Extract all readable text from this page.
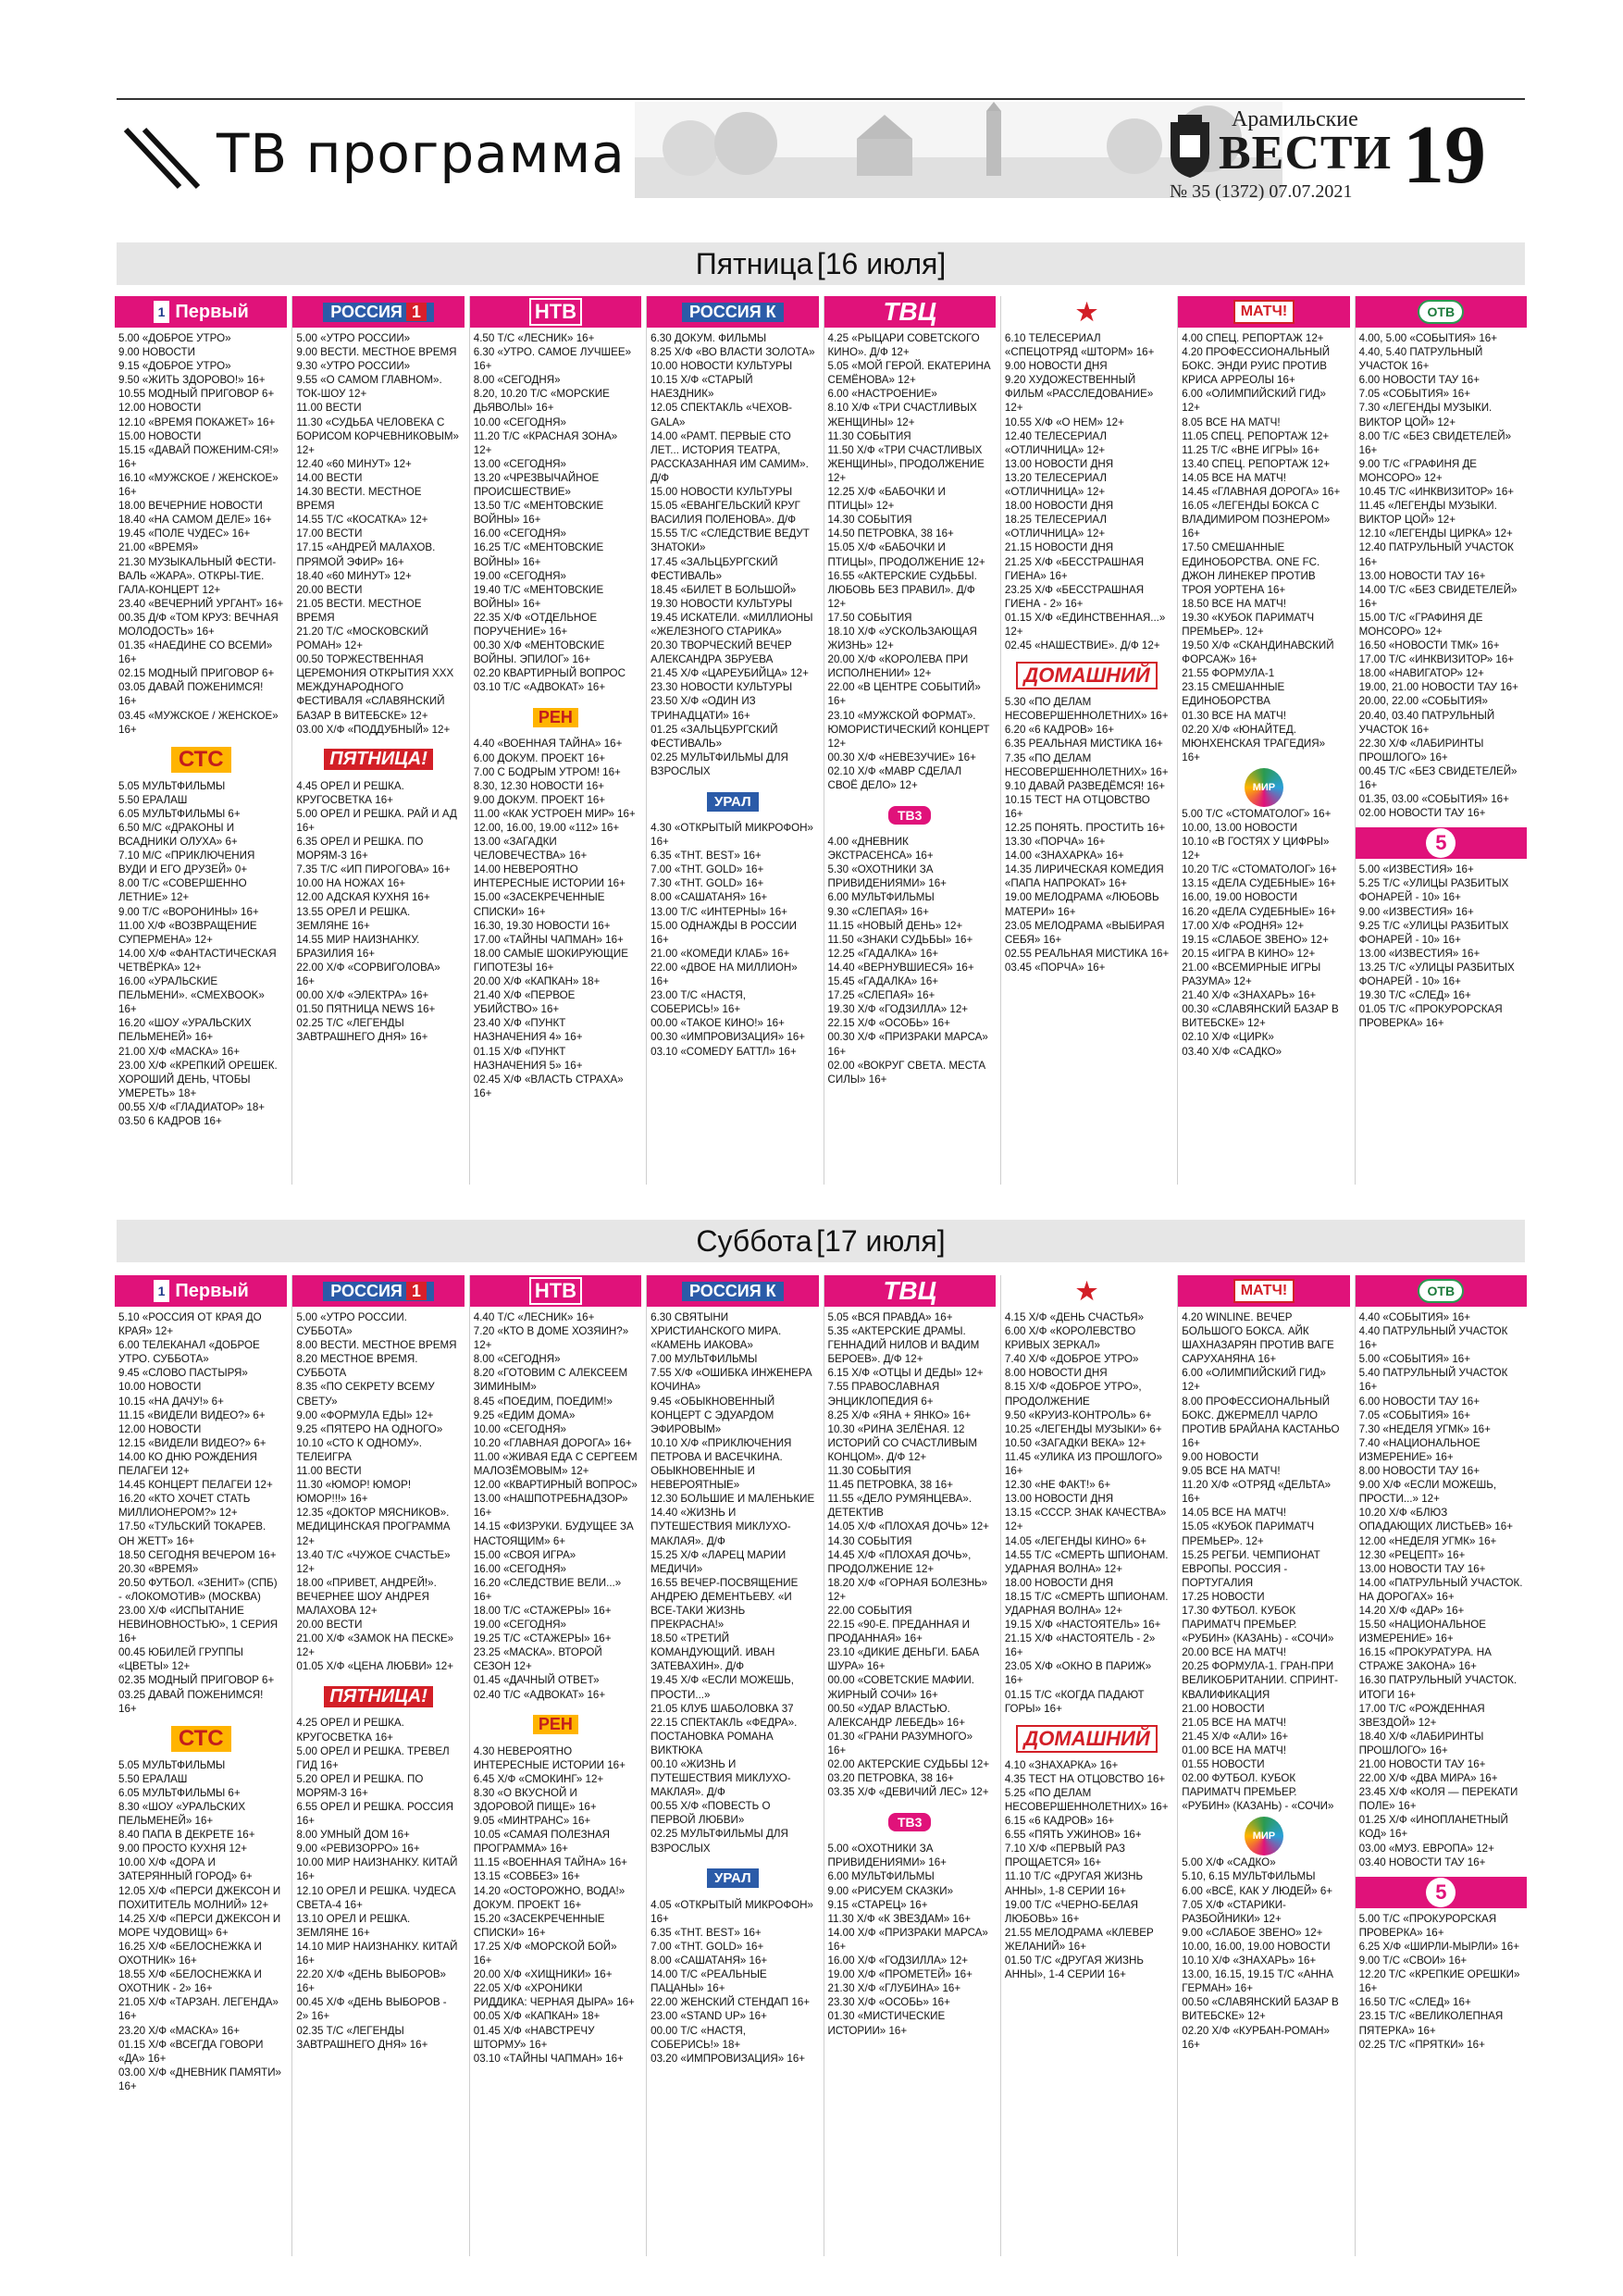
ТВ программа
Арамильские
ВЕСТИ
№ 35 (1372) 07.07.2021 19
Пятница [16 июля]
1 Первый
5.00 «ДОБРОЕ УТРО»
9.00 НОВОСТИ
9.15 «ДОБРОЕ УТРО»
9.50 «ЖИТЬ ЗДОРОВО!» 16+
10.55 МОДНЫЙ ПРИГОВОР 6+
12.00 НОВОСТИ
12.10 «ВРЕМЯ ПОКАЖЕТ» 16+
15.00 НОВОСТИ
15.15 «ДАВАЙ ПОЖЕНИМ-СЯ!» 16+
16.10 «МУЖСКОЕ / ЖЕНСКОЕ» 16+
18.00 ВЕЧЕРНИЕ НОВОСТИ
18.40 «НА САМОМ ДЕЛЕ» 16+
19.45 «ПОЛЕ ЧУДЕС» 16+
21.00 «ВРЕМЯ»
21.30 МУЗЫКАЛЬНЫЙ ФЕСТИ-ВАЛЬ «ЖАРА». ОТКРЫ-ТИЕ. ГАЛА-КОНЦЕРТ 12+
23.40 «ВЕЧЕРНИЙ УРГАНТ» 16+
00.35 Д/Ф «ТОМ КРУЗ: ВЕЧНАЯ МОЛОДОСТЬ» 16+
01.35 «НАЕДИНЕ СО ВСЕМИ» 16+
02.15 МОДНЫЙ ПРИГОВОР 6+
03.05 ДАВАЙ ПОЖЕНИМСЯ! 16+
03.45 «МУЖСКОЕ / ЖЕНСКОЕ» 16+
СТС
5.05 МУЛЬТФИЛЬМЫ
5.50 ЕРАЛАШ
6.05 МУЛЬТФИЛЬМЫ 6+
6.50 М/С «ДРАКОНЫ И ВСАДНИКИ ОЛУХА» 6+
7.10 М/С «ПРИКЛЮЧЕНИЯ ВУДИ И ЕГО ДРУЗЕЙ» 0+
8.00 Т/С «СОВЕРШЕННО ЛЕТНИЕ» 12+
9.00 Т/С «ВОРОНИНЫ» 16+
11.00 Х/Ф «ВОЗВРАЩЕНИЕ СУПЕРМЕНА» 12+
14.00 Х/Ф «ФАНТАСТИЧЕСКАЯ ЧЕТВЁРКА» 12+
16.00 «УРАЛЬСКИЕ ПЕЛЬМЕНИ». «СМЕХBOOK» 16+
16.20 «ШОУ «УРАЛЬСКИХ ПЕЛЬМЕНЕЙ» 16+
21.00 Х/Ф «МАСКА» 16+
23.00 Х/Ф «КРЕПКИЙ ОРЕШЕК. ХОРОШИЙ ДЕНЬ, ЧТОБЫ УМЕРЕТЬ» 18+
00.55 Х/Ф «ГЛАДИАТОР» 18+
03.50 6 КАДРОВ 16+
РОССИЯ 1
5.00 «УТРО РОССИИ»
9.00 ВЕСТИ. МЕСТНОЕ ВРЕМЯ
9.30 «УТРО РОССИИ»
9.55 «О САМОМ ГЛАВНОМ». ТОК-ШОУ 12+
11.00 ВЕСТИ
11.30 «СУДЬБА ЧЕЛОВЕКА С БОРИСОМ КОРЧЕВНИКОВЫМ» 12+
12.40 «60 МИНУТ» 12+
14.00 ВЕСТИ
14.30 ВЕСТИ. МЕСТНОЕ ВРЕМЯ
14.55 Т/С «КОСАТКА» 12+
17.00 ВЕСТИ
17.15 «АНДРЕЙ МАЛАХОВ. ПРЯМОЙ ЭФИР» 16+
18.40 «60 МИНУТ» 12+
20.00 ВЕСТИ
21.05 ВЕСТИ. МЕСТНОЕ ВРЕМЯ
21.20 Т/С «МОСКОВСКИЙ РОМАН» 12+
00.50 ТОРЖЕСТВЕННАЯ ЦЕРЕМОНИЯ ОТКРЫТИЯ XXX МЕЖДУНАРОДНОГО ФЕСТИВАЛЯ «СЛАВЯНСКИЙ БАЗАР В ВИТЕБСКЕ» 12+
03.00 Х/Ф «ПОДДУБНЫЙ» 12+
ПЯТНИЦА!
4.45 ОРЕЛ И РЕШКА. КРУГОСВЕТКА 16+
5.00 ОРЕЛ И РЕШКА. РАЙ И АД 16+
6.35 ОРЕЛ И РЕШКА. ПО МОРЯМ-3 16+
7.35 Т/С «ИП ПИРОГОВА» 16+
10.00 НА НОЖАХ 16+
12.00 АДСКАЯ КУХНЯ 16+
13.55 ОРЕЛ И РЕШКА. ЗЕМЛЯНЕ 16+
14.55 МИР НАИЗНАНКУ. БРАЗИЛИЯ 16+
22.00 Х/Ф «СОРВИГОЛОВА» 16+
00.00 Х/Ф «ЭЛЕКТРА» 16+
01.50 ПЯТНИЦА NEWS 16+
02.25 Т/С «ЛЕГЕНДЫ ЗАВТРАШНЕГО ДНЯ» 16+
НТВ
4.50 Т/С «ЛЕСНИК» 16+
6.30 «УТРО. САМОЕ ЛУЧШЕЕ» 16+
8.00 «СЕГОДНЯ»
8.20, 10.20 Т/С «МОРСКИЕ ДЬЯВОЛЫ» 16+
10.00 «СЕГОДНЯ»
11.20 Т/С «КРАСНАЯ ЗОНА» 12+
13.00 «СЕГОДНЯ»
13.20 «ЧРЕЗВЫЧАЙНОЕ ПРОИСШЕСТВИЕ»
13.50 Т/С «МЕНТОВСКИЕ ВОЙНЫ» 16+
16.00 «СЕГОДНЯ»
16.25 Т/С «МЕНТОВСКИЕ ВОЙНЫ» 16+
19.00 «СЕГОДНЯ»
19.40 Т/С «МЕНТОВСКИЕ ВОЙНЫ» 16+
22.35 Х/Ф «ОТДЕЛЬНОЕ ПОРУЧЕНИЕ» 16+
00.30 Х/Ф «МЕНТОВСКИЕ ВОЙНЫ. ЭПИЛОГ» 16+
02.20 КВАРТИРНЫЙ ВОПРОС
03.10 Т/С «АДВОКАТ» 16+
РЕН
4.40 «ВОЕННАЯ ТАЙНА» 16+
6.00 ДОКУМ. ПРОЕКТ 16+
7.00 С БОДРЫМ УТРОМ! 16+
8.30, 12.30 НОВОСТИ 16+
9.00 ДОКУМ. ПРОЕКТ 16+
11.00 «КАК УСТРОЕН МИР» 16+
12.00, 16.00, 19.00 «112» 16+
13.00 «ЗАГАДКИ ЧЕЛОВЕЧЕСТВА» 16+
14.00 НЕВЕРОЯТНО ИНТЕРЕСНЫЕ ИСТОРИИ 16+
15.00 «ЗАСЕКРЕЧЕННЫЕ СПИСКИ» 16+
16.30, 19.30 НОВОСТИ 16+
17.00 «ТАЙНЫ ЧАПМАН» 16+
18.00 САМЫЕ ШОКИРУЮЩИЕ ГИПОТЕЗЫ 16+
20.00 Х/Ф «КАПКАН» 18+
21.40 Х/Ф «ПЕРВОЕ УБИЙСТВО» 16+
23.40 Х/Ф «ПУНКТ НАЗНАЧЕНИЯ 4» 16+
01.15 Х/Ф «ПУНКТ НАЗНАЧЕНИЯ 5» 16+
02.45 Х/Ф «ВЛАСТЬ СТРАХА» 16+
РОССИЯ К
6.30 ДОКУМ. ФИЛЬМЫ
8.25 Х/Ф «ВО ВЛАСТИ ЗОЛОТА»
10.00 НОВОСТИ КУЛЬТУРЫ
10.15 Х/Ф «СТАРЫЙ НАЕЗДНИК»
12.05 СПЕКТАКЛЬ «ЧЕХОВ-GALA»
14.00 «РАМТ. ПЕРВЫЕ СТО ЛЕТ... ИСТОРИЯ ТЕАТРА, РАССКАЗАННАЯ ИМ САМИМ». Д/Ф
15.00 НОВОСТИ КУЛЬТУРЫ
15.05 «ЕВАНГЕЛЬСКИЙ КРУГ ВАСИЛИЯ ПОЛЕНОВА». Д/Ф
15.55 Т/С «СЛЕДСТВИЕ ВЕДУТ ЗНАТОКИ»
17.45 «ЗАЛЬЦБУРГСКИЙ ФЕСТИВАЛЬ»
18.45 «БИЛЕТ В БОЛЬШОЙ»
19.30 НОВОСТИ КУЛЬТУРЫ
19.45 ИСКАТЕЛИ. «МИЛЛИОНЫ «ЖЕЛЕЗНОГО СТАРИКА»
20.30 ТВОРЧЕСКИЙ ВЕЧЕР АЛЕКСАНДРА ЗБРУЕВА
21.45 Х/Ф «ЦАРЕУБИЙЦА» 12+
23.30 НОВОСТИ КУЛЬТУРЫ
23.50 Х/Ф «ОДИН ИЗ ТРИНАДЦАТИ» 16+
01.25 «ЗАЛЬЦБУРГСКИЙ ФЕСТИВАЛЬ»
02.25 МУЛЬТФИЛЬМЫ ДЛЯ ВЗРОСЛЫХ
УРАЛ
4.30 «ОТКРЫТЫЙ МИКРОФОН» 16+
6.35 «THT. BEST» 16+
7.00 «THT. GOLD» 16+
7.30 «THT. GOLD» 16+
8.00 «САШАТАНЯ» 16+
13.00 Т/С «ИНТЕРНЫ» 16+
15.00 ОДНАЖДЫ В РОССИИ 16+
21.00 «КОМЕДИ КЛАБ» 16+
22.00 «ДВОЕ НА МИЛЛИОН» 16+
23.00 Т/С «НАСТЯ, СОБЕРИСЬ!» 16+
00.00 «ТАКОЕ КИНО!» 16+
00.30 «ИМПРОВИЗАЦИЯ» 16+
03.10 «COMEDY БАТТЛ» 16+
ТВЦ
4.25 «РЫЦАРИ СОВЕТСКОГО КИНО». Д/Ф 12+
5.05 «МОЙ ГЕРОЙ. ЕКАТЕРИНА СЕМЁНОВА» 12+
6.00 «НАСТРОЕНИЕ»
8.10 Х/Ф «ТРИ СЧАСТЛИВЫХ ЖЕНЩИНЫ» 12+
11.30 СОБЫТИЯ
11.50 Х/Ф «ТРИ СЧАСТЛИВЫХ ЖЕНЩИНЫ», ПРОДОЛЖЕНИЕ 12+
12.25 Х/Ф «БАБОЧКИ И ПТИЦЫ» 12+
14.30 СОБЫТИЯ
14.50 ПЕТРОВКА, 38 16+
15.05 Х/Ф «БАБОЧКИ И ПТИЦЫ», ПРОДОЛЖЕНИЕ 12+
16.55 «АКТЕРСКИЕ СУДЬБЫ. ЛЮБОВЬ БЕЗ ПРАВИЛ». Д/Ф 12+
17.50 СОБЫТИЯ
18.10 Х/Ф «УСКОЛЬЗАЮЩАЯ ЖИЗНЬ» 12+
20.00 Х/Ф «КОРОЛЕВА ПРИ ИСПОЛНЕНИИ» 12+
22.00 «В ЦЕНТРЕ СОБЫТИЙ» 16+
23.10 «МУЖСКОЙ ФОРМАТ». ЮМОРИСТИЧЕСКИЙ КОНЦЕРТ 12+
00.30 Х/Ф «НЕВЕЗУЧИЕ» 16+
02.10 Х/Ф «МАВР СДЕЛАЛ СВОЁ ДЕЛО» 12+
ТВ3
4.00 «ДНЕВНИК ЭКСТРАСЕНСА» 16+
5.30 «ОХОТНИКИ ЗА ПРИВИДЕНИЯМИ» 16+
6.00 МУЛЬТФИЛЬМЫ
9.30 «СЛЕПАЯ» 16+
11.15 «НОВЫЙ ДЕНЬ» 12+
11.50 «ЗНАКИ СУДЬБЫ» 16+
12.25 «ГАДАЛКА» 16+
14.40 «ВЕРНУВШИЕСЯ» 16+
15.45 «ГАДАЛКА» 16+
17.25 «СЛЕПАЯ» 16+
19.30 Х/Ф «ГОДЗИЛЛА» 12+
22.15 Х/Ф «ОСОБЬ» 16+
00.30 Х/Ф «ПРИЗРАКИ МАРСА» 16+
02.00 «ВОКРУГ СВЕТА. МЕСТА СИЛЫ» 16+
★
6.10 ТЕЛЕСЕРИАЛ «СПЕЦОТРЯД «ШТОРМ» 16+
9.00 НОВОСТИ ДНЯ
9.20 ХУДОЖЕСТВЕННЫЙ ФИЛЬМ «РАССЛЕДОВАНИЕ» 12+
10.55 Х/Ф «О НЕМ» 12+
12.40 ТЕЛЕСЕРИАЛ «ОТЛИЧНИЦА» 12+
13.00 НОВОСТИ ДНЯ
13.20 ТЕЛЕСЕРИАЛ «ОТЛИЧНИЦА» 12+
18.00 НОВОСТИ ДНЯ
18.25 ТЕЛЕСЕРИАЛ «ОТЛИЧНИЦА» 12+
21.15 НОВОСТИ ДНЯ
21.25 Х/Ф «БЕССТРАШНАЯ ГИЕНА» 16+
23.25 Х/Ф «БЕССТРАШНАЯ ГИЕНА - 2» 16+
01.15 Х/Ф «ЕДИНСТВЕННАЯ...» 12+
02.45 «НАШЕСТВИЕ». Д/Ф 12+
ДОМАШНИЙ
5.30 «ПО ДЕЛАМ НЕСОВЕРШЕННОЛЕТНИХ» 16+
6.20 «6 КАДРОВ» 16+
6.35 РЕАЛЬНАЯ МИСТИКА 16+
7.35 «ПО ДЕЛАМ НЕСОВЕРШЕННОЛЕТНИХ» 16+
9.10 ДАВАЙ РАЗВЕДЁМСЯ! 16+
10.15 ТЕСТ НА ОТЦОВСТВО 16+
12.25 ПОНЯТЬ. ПРОСТИТЬ 16+
13.30 «ПОРЧА» 16+
14.00 «ЗНАХАРКА» 16+
14.35 ЛИРИЧЕСКАЯ КОМЕДИЯ «ПАПА НАПРОКАТ» 16+
19.00 МЕЛОДРАМА «ЛЮБОВЬ МАТЕРИ» 16+
23.05 МЕЛОДРАМА «ВЫБИРАЯ СЕБЯ» 16+
02.55 РЕАЛЬНАЯ МИСТИКА 16+
03.45 «ПОРЧА» 16+
МАТЧ!
4.00 СПЕЦ. РЕПОРТАЖ 12+
4.20 ПРОФЕССИОНАЛЬНЫЙ БОКС. ЭНДИ РУИС ПРОТИВ КРИСА АРРЕОЛЫ 16+
6.00 «ОЛИМПИЙСКИЙ ГИД» 12+
8.05 ВСЕ НА МАТЧ!
11.05 СПЕЦ. РЕПОРТАЖ 12+
11.25 Т/С «ВНЕ ИГРЫ» 16+
13.40 СПЕЦ. РЕПОРТАЖ 12+
14.05 ВСЕ НА МАТЧ!
14.45 «ГЛАВНАЯ ДОРОГА» 16+
16.05 «ЛЕГЕНДЫ БОКСА С ВЛАДИМИРОМ ПОЗНЕРОМ» 16+
17.50 СМЕШАННЫЕ ЕДИНОБОРСТВА. ONE FC. ДЖОН ЛИНЕКЕР ПРОТИВ ТРОЯ УОРТЕНА 16+
18.50 ВСЕ НА МАТЧ!
19.30 «КУБОК ПАРИМАТЧ ПРЕМЬЕР». 12+
19.50 Х/Ф «СКАНДИНАВСКИЙ ФОРСАЖ» 16+
21.55 ФОРМУЛА-1
23.15 СМЕШАННЫЕ ЕДИНОБОРСТВА
01.30 ВСЕ НА МАТЧ!
02.20 Х/Ф «ЮНАЙТЕД. МЮНХЕНСКАЯ ТРАГЕДИЯ» 16+
МИР
5.00 Т/С «СТОМАТОЛОГ» 16+
10.00, 13.00 НОВОСТИ
10.10 «В ГОСТЯХ У ЦИФРЫ» 12+
10.20 Т/С «СТОМАТОЛОГ» 16+
13.15 «ДЕЛА СУДЕБНЫЕ» 16+
16.00, 19.00 НОВОСТИ
16.20 «ДЕЛА СУДЕБНЫЕ» 16+
17.00 Х/Ф «РОДНЯ» 12+
19.15 «СЛАБОЕ ЗВЕНО» 12+
20.15 «ИГРА В КИНО» 12+
21.00 «ВСЕМИРНЫЕ ИГРЫ РАЗУМА» 12+
21.40 Х/Ф «ЗНАХАРЬ» 16+
00.30 «СЛАВЯНСКИЙ БАЗАР В ВИТЕБСКЕ» 12+
02.10 Х/Ф «ЦИРК»
03.40 Х/Ф «САДКО»
ОТВ
4.00, 5.00 «СОБЫТИЯ» 16+
4.40, 5.40 ПАТРУЛЬНЫЙ УЧАСТОК 16+
6.00 НОВОСТИ ТАУ 16+
7.05 «СОБЫТИЯ» 16+
7.30 «ЛЕГЕНДЫ МУЗЫКИ. ВИКТОР ЦОЙ» 12+
8.00 Т/С «БЕЗ СВИДЕТЕЛЕЙ» 16+
9.00 Т/С «ГРАФИНЯ ДЕ МОНСОРО» 12+
10.45 Т/С «ИНКВИЗИТОР» 16+
11.45 «ЛЕГЕНДЫ МУЗЫКИ. ВИКТОР ЦОЙ» 12+
12.10 «ЛЕГЕНДЫ ЦИРКА» 12+
12.40 ПАТРУЛЬНЫЙ УЧАСТОК 16+
13.00 НОВОСТИ ТАУ 16+
14.00 Т/С «БЕЗ СВИДЕТЕЛЕЙ» 16+
15.00 Т/С «ГРАФИНЯ ДЕ МОНСОРО» 12+
16.50 «НОВОСТИ ТМК» 16+
17.00 Т/С «ИНКВИЗИТОР» 16+
18.00 «НАВИГАТОР» 12+
19.00, 21.00 НОВОСТИ ТАУ 16+
20.00, 22.00 «СОБЫТИЯ»
20.40, 03.40 ПАТРУЛЬНЫЙ УЧАСТОК 16+
22.30 Х/Ф «ЛАБИРИНТЫ ПРОШЛОГО» 16+
00.45 Т/С «БЕЗ СВИДЕТЕЛЕЙ» 16+
01.35, 03.00 «СОБЫТИЯ» 16+
02.00 НОВОСТИ ТАУ 16+
5
5.00 «ИЗВЕСТИЯ» 16+
5.25 Т/С «УЛИЦЫ РАЗБИТЫХ ФОНАРЕЙ - 10» 16+
9.00 «ИЗВЕСТИЯ» 16+
9.25 Т/С «УЛИЦЫ РАЗБИТЫХ ФОНАРЕЙ - 10» 16+
13.00 «ИЗВЕСТИЯ» 16+
13.25 Т/С «УЛИЦЫ РАЗБИТЫХ ФОНАРЕЙ - 10» 16+
19.30 Т/С «СЛЕД» 16+
01.05 Т/С «ПРОКУРОРСКАЯ ПРОВЕРКА» 16+
Суббота [17 июля]
1 Первый
5.10 «РОССИЯ ОТ КРАЯ ДО КРАЯ» 12+
6.00 ТЕЛЕКАНАЛ «ДОБРОЕ УТРО. СУББОТА»
9.45 «СЛОВО ПАСТЫРЯ»
10.00 НОВОСТИ
10.15 «НА ДАЧУ!» 6+
11.15 «ВИДЕЛИ ВИДЕО?» 6+
12.00 НОВОСТИ
12.15 «ВИДЕЛИ ВИДЕО?» 6+
14.00 КО ДНЮ РОЖДЕНИЯ ПЕЛАГЕИ 12+
14.45 КОНЦЕРТ ПЕЛАГЕИ 12+
16.20 «КТО ХОЧЕТ СТАТЬ МИЛЛИОНЕРОМ?» 12+
17.50 «ТУЛЬСКИЙ ТОКАРЕВ. ОН ЖЕТТ» 16+
18.50 СЕГОДНЯ ВЕЧЕРОМ 16+
20.30 «ВРЕМЯ»
20.50 ФУТБОЛ. «ЗЕНИТ» (СПБ) - «ЛОКОМОТИВ» (МОСКВА)
23.00 Х/Ф «ИСПЫТАНИЕ НЕВИНОВНОСТЬЮ», 1 СЕРИЯ 16+
00.45 ЮБИЛЕЙ ГРУППЫ «ЦВЕТЫ» 12+
02.35 МОДНЫЙ ПРИГОВОР 6+
03.25 ДАВАЙ ПОЖЕНИМСЯ! 16+
СТС
5.05 МУЛЬТФИЛЬМЫ
5.50 ЕРАЛАШ
6.05 МУЛЬТФИЛЬМЫ 6+
8.30 «ШОУ «УРАЛЬСКИХ ПЕЛЬМЕНЕЙ» 16+
8.40 ПАПА В ДЕКРЕТЕ 16+
9.00 ПРОСТО КУХНЯ 12+
10.00 Х/Ф «ДОРА И ЗАТЕРЯННЫЙ ГОРОД» 6+
12.05 Х/Ф «ПЕРСИ ДЖЕКСОН И ПОХИТИТЕЛЬ МОЛНИЙ» 12+
14.25 Х/Ф «ПЕРСИ ДЖЕКСОН И МОРЕ ЧУДОВИЩ» 6+
16.25 Х/Ф «БЕЛОСНЕЖКА И ОХОТНИК» 16+
18.55 Х/Ф «БЕЛОСНЕЖКА И ОХОТНИК - 2» 16+
21.05 Х/Ф «ТАРЗАН. ЛЕГЕНДА» 16+
23.20 Х/Ф «МАСКА» 16+
01.15 Х/Ф «ВСЕГДА ГОВОРИ «ДА» 16+
03.00 Х/Ф «ДНЕВНИК ПАМЯТИ» 16+
РОССИЯ 1
5.00 «УТРО РОССИИ. СУББОТА»
8.00 ВЕСТИ. МЕСТНОЕ ВРЕМЯ
8.20 МЕСТНОЕ ВРЕМЯ. СУББОТА
8.35 «ПО СЕКРЕТУ ВСЕМУ СВЕТУ»
9.00 «ФОРМУЛА ЕДЫ» 12+
9.25 «ПЯТЕРО НА ОДНОГО»
10.10 «СТО К ОДНОМУ». ТЕЛЕИГРА
11.00 ВЕСТИ
11.30 «ЮМОР! ЮМОР! ЮМОР!!!» 16+
12.35 «ДОКТОР МЯСНИКОВ». МЕДИЦИНСКАЯ ПРОГРАММА 12+
13.40 Т/С «ЧУЖОЕ СЧАСТЬЕ» 12+
18.00 «ПРИВЕТ, АНДРЕЙ!». ВЕЧЕРНЕЕ ШОУ АНДРЕЯ МАЛАХОВА 12+
20.00 ВЕСТИ
21.00 Х/Ф «ЗАМОК НА ПЕСКЕ» 12+
01.05 Х/Ф «ЦЕНА ЛЮБВИ» 12+
ПЯТНИЦА!
4.25 ОРЕЛ И РЕШКА. КРУГОСВЕТКА 16+
5.00 ОРЕЛ И РЕШКА. ТРЕВЕЛ ГИД 16+
5.20 ОРЕЛ И РЕШКА. ПО МОРЯМ-3 16+
6.55 ОРЕЛ И РЕШКА. РОССИЯ 16+
8.00 УМНЫЙ ДОМ 16+
9.00 «РЕВИЗОРРО» 16+
10.00 МИР НАИЗНАНКУ. КИТАЙ 16+
12.10 ОРЕЛ И РЕШКА. ЧУДЕСА СВЕТА-4 16+
13.10 ОРЕЛ И РЕШКА. ЗЕМЛЯНЕ 16+
14.10 МИР НАИЗНАНКУ. КИТАЙ 16+
22.20 Х/Ф «ДЕНЬ ВЫБОРОВ» 16+
00.45 Х/Ф «ДЕНЬ ВЫБОРОВ - 2» 16+
02.35 Т/С «ЛЕГЕНДЫ ЗАВТРАШНЕГО ДНЯ» 16+
НТВ
4.40 Т/С «ЛЕСНИК» 16+
7.20 «КТО В ДОМЕ ХОЗЯИН?» 12+
8.00 «СЕГОДНЯ»
8.20 «ГОТОВИМ С АЛЕКСЕЕМ ЗИМИНЫМ»
8.45 «ПОЕДИМ, ПОЕДИМ!»
9.25 «ЕДИМ ДОМА»
10.00 «СЕГОДНЯ»
10.20 «ГЛАВНАЯ ДОРОГА» 16+
11.00 «ЖИВАЯ ЕДА С СЕРГЕЕМ МАЛОЗЁМОВЫМ» 12+
12.00 «КВАРТИРНЫЙ ВОПРОС»
13.00 «НАШПОТРЕБНАДЗОР» 16+
14.15 «ФИЗРУКИ. БУДУЩЕЕ ЗА НАСТОЯЩИМ» 6+
15.00 «СВОЯ ИГРА»
16.00 «СЕГОДНЯ»
16.20 «СЛЕДСТВИЕ ВЕЛИ...» 16+
18.00 Т/С «СТАЖЕРЫ» 16+
19.00 «СЕГОДНЯ»
19.25 Т/С «СТАЖЕРЫ» 16+
23.25 «МАСКА». ВТОРОЙ СЕЗОН 12+
01.45 «ДАЧНЫЙ ОТВЕТ»
02.40 Т/С «АДВОКАТ» 16+
РЕН
4.30 НЕВЕРОЯТНО ИНТЕРЕСНЫЕ ИСТОРИИ 16+
6.45 Х/Ф «СМОКИНГ» 12+
8.30 «О ВКУСНОЙ И ЗДОРОВОЙ ПИЩЕ» 16+
9.05 «МИНТРАНС» 16+
10.05 «САМАЯ ПОЛЕЗНАЯ ПРОГРАММА» 16+
11.15 «ВОЕННАЯ ТАЙНА» 16+
13.15 «СОВБЕЗ» 16+
14.20 «ОСТОРОЖНО, ВОДА!» ДОКУМ. ПРОЕКТ 16+
15.20 «ЗАСЕКРЕЧЕННЫЕ СПИСКИ» 16+
17.25 Х/Ф «МОРСКОЙ БОЙ» 16+
20.00 Х/Ф «ХИЩНИКИ» 16+
22.05 Х/Ф «ХРОНИКИ РИДДИКА: ЧЕРНАЯ ДЫРА» 16+
00.05 Х/Ф «КАПКАН» 18+
01.45 Х/Ф «НАВСТРЕЧУ ШТОРМУ» 16+
03.10 «ТАЙНЫ ЧАПМАН» 16+
РОССИЯ К
6.30 СВЯТЫНИ ХРИСТИАНСКОГО МИРА. «КАМЕНЬ ИАКОВА»
7.00 МУЛЬТФИЛЬМЫ
7.55 Х/Ф «ОШИБКА ИНЖЕНЕРА КОЧИНА»
9.45 «ОБЫКНОВЕННЫЙ КОНЦЕРТ С ЭДУАРДОМ ЭФИРОВЫМ»
10.10 Х/Ф «ПРИКЛЮЧЕНИЯ ПЕТРОВА И ВАСЕЧКИНА. ОБЫКНОВЕННЫЕ И НЕВЕРОЯТНЫЕ»
12.30 БОЛЬШИЕ И МАЛЕНЬКИЕ
14.40 «ЖИЗНЬ И ПУТЕШЕСТВИЯ МИКЛУХО-МАКЛАЯ». Д/Ф
15.25 Х/Ф «ЛАРЕЦ МАРИИ МЕДИЧИ»
16.55 ВЕЧЕР-ПОСВЯЩЕНИЕ АНДРЕЮ ДЕМЕНТЬЕВУ. «И ВСЕ-ТАКИ ЖИЗНЬ ПРЕКРАСНА!»
18.50 «ТРЕТИЙ КОМАНДУЮЩИЙ. ИВАН ЗАТЕВАХИН». Д/Ф
19.45 Х/Ф «ЕСЛИ МОЖЕШЬ, ПРОСТИ...»
21.05 КЛУБ ШАБОЛОВКА 37
22.15 СПЕКТАКЛЬ «ФЕДРА». ПОСТАНОВКА РОМАНА ВИКТЮКА
00.10 «ЖИЗНЬ И ПУТЕШЕСТВИЯ МИКЛУХО-МАКЛАЯ». Д/Ф
00.55 Х/Ф «ПОВЕСТЬ О ПЕРВОЙ ЛЮБВИ»
02.25 МУЛЬТФИЛЬМЫ ДЛЯ ВЗРОСЛЫХ
УРАЛ
4.05 «ОТКРЫТЫЙ МИКРОФОН» 16+
6.35 «THT. BEST» 16+
7.00 «THT. GOLD» 16+
8.00 «САШАТАНЯ» 16+
14.00 Т/С «РЕАЛЬНЫЕ ПАЦАНЫ» 16+
22.00 ЖЕНСКИЙ СТЕНДАП 16+
23.00 «STAND UP» 16+
00.00 Т/С «НАСТЯ, СОБЕРИСЬ!» 18+
03.20 «ИМПРОВИЗАЦИЯ» 16+
ТВЦ
5.05 «ВСЯ ПРАВДА» 16+
5.35 «АКТЕРСКИЕ ДРАМЫ. ГЕННАДИЙ НИЛОВ И ВАДИМ БЕРОЕВ». Д/Ф 12+
6.15 Х/Ф «ОТЦЫ И ДЕДЫ» 12+
7.55 ПРАВОСЛАВНАЯ ЭНЦИКЛОПЕДИЯ 6+
8.25 Х/Ф «ЯНА + ЯНКО» 16+
10.30 «РИНА ЗЕЛЁНАЯ. 12 ИСТОРИЙ СО СЧАСТЛИВЫМ КОНЦОМ». Д/Ф 12+
11.30 СОБЫТИЯ
11.45 ПЕТРОВКА, 38 16+
11.55 «ДЕЛО РУМЯНЦЕВА». ДЕТЕКТИВ
14.05 Х/Ф «ПЛОХАЯ ДОЧЬ» 12+
14.30 СОБЫТИЯ
14.45 Х/Ф «ПЛОХАЯ ДОЧЬ», ПРОДОЛЖЕНИЕ 12+
18.20 Х/Ф «ГОРНАЯ БОЛЕЗНЬ» 12+
22.00 СОБЫТИЯ
22.15 «90-Е. ПРЕДАННАЯ И ПРОДАННАЯ» 16+
23.10 «ДИКИЕ ДЕНЬГИ. БАБА ШУРА» 16+
00.00 «СОВЕТСКИЕ МАФИИ. ЖИРНЫЙ СОЧИ» 16+
00.50 «УДАР ВЛАСТЬЮ. АЛЕКСАНДР ЛЕБЕДЬ» 16+
01.30 «ГРАНИ РАЗУМНОГО» 16+
02.00 АКТЕРСКИЕ СУДЬБЫ 12+
03.20 ПЕТРОВКА, 38 16+
03.35 Х/Ф «ДЕВИЧИЙ ЛЕС» 12+
ТВ3
5.00 «ОХОТНИКИ ЗА ПРИВИДЕНИЯМИ» 16+
6.00 МУЛЬТФИЛЬМЫ
9.00 «РИСУЕМ СКАЗКИ»
9.15 «СТАРЕЦ» 16+
11.30 Х/Ф «К ЗВЕЗДАМ» 16+
14.00 Х/Ф «ПРИЗРАКИ МАРСА» 16+
16.00 Х/Ф «ГОДЗИЛЛА» 12+
19.00 Х/Ф «ПРОМЕТЕЙ» 16+
21.30 Х/Ф «ГЛУБИНА» 16+
23.30 Х/Ф «ОСОБЬ» 16+
01.30 «МИСТИЧЕСКИЕ ИСТОРИИ» 16+
★
4.15 Х/Ф «ДЕНЬ СЧАСТЬЯ»
6.00 Х/Ф «КОРОЛЕВСТВО КРИВЫХ ЗЕРКАЛ»
7.40 Х/Ф «ДОБРОЕ УТРО»
8.00 НОВОСТИ ДНЯ
8.15 Х/Ф «ДОБРОЕ УТРО», ПРОДОЛЖЕНИЕ
9.50 «КРУИЗ-КОНТРОЛЬ» 6+
10.25 «ЛЕГЕНДЫ МУЗЫКИ» 6+
10.50 «ЗАГАДКИ ВЕКА» 12+
11.45 «УЛИКА ИЗ ПРОШЛОГО» 16+
12.30 «НЕ ФАКТ!» 6+
13.00 НОВОСТИ ДНЯ
13.15 «СССР. ЗНАК КАЧЕСТВА» 12+
14.05 «ЛЕГЕНДЫ КИНО» 6+
14.55 Т/С «СМЕРТЬ ШПИОНАМ. УДАРНАЯ ВОЛНА» 12+
18.00 НОВОСТИ ДНЯ
18.15 Т/С «СМЕРТЬ ШПИОНАМ. УДАРНАЯ ВОЛНА» 12+
19.15 Х/Ф «НАСТОЯТЕЛЬ» 16+
21.15 Х/Ф «НАСТОЯТЕЛЬ - 2» 16+
23.05 Х/Ф «ОКНО В ПАРИЖ» 16+
01.15 Т/С «КОГДА ПАДАЮТ ГОРЫ» 16+
ДОМАШНИЙ
4.10 «ЗНАХАРКА» 16+
4.35 ТЕСТ НА ОТЦОВСТВО 16+
5.25 «ПО ДЕЛАМ НЕСОВЕРШЕННОЛЕТНИХ» 16+
6.15 «6 КАДРОВ» 16+
6.55 «ПЯТЬ УЖИНОВ» 16+
7.10 Х/Ф «ПЕРВЫЙ РАЗ ПРОЩАЕТСЯ» 16+
11.10 Т/С «ДРУГАЯ ЖИЗНЬ АННЫ», 1-8 СЕРИИ 16+
19.00 Т/С «ЧЕРНО-БЕЛАЯ ЛЮБОВЬ» 16+
21.55 МЕЛОДРАМА «КЛЕВЕР ЖЕЛАНИЙ» 16+
01.50 Т/С «ДРУГАЯ ЖИЗНЬ АННЫ», 1-4 СЕРИИ 16+
МАТЧ!
4.20 WINLINE. ВЕЧЕР БОЛЬШОГО БОКСА. АЙК ШАХНАЗАРЯН ПРОТИВ ВАГЕ САРУХАНЯНА 16+
6.00 «ОЛИМПИЙСКИЙ ГИД» 12+
8.00 ПРОФЕССИОНАЛЬНЫЙ БОКС. ДЖЕРМЕЛЛ ЧАРЛО ПРОТИВ БРАЙАНА КАСТАНЬО 16+
9.00 НОВОСТИ
9.05 ВСЕ НА МАТЧ!
11.20 Х/Ф «ОТРЯД «ДЕЛЬТА» 16+
14.05 ВСЕ НА МАТЧ!
15.05 «КУБОК ПАРИМАТЧ ПРЕМЬЕР». 12+
15.25 РЕГБИ. ЧЕМПИОНАТ ЕВРОПЫ. РОССИЯ - ПОРТУГАЛИЯ
17.25 НОВОСТИ
17.30 ФУТБОЛ. КУБОК ПАРИМАТЧ ПРЕМЬЕР. «РУБИН» (КАЗАНЬ) - «СОЧИ»
20.00 ВСЕ НА МАТЧ!
20.25 ФОРМУЛА-1. ГРАН-ПРИ ВЕЛИКОБРИТАНИИ. СПРИНТ-КВАЛИФИКАЦИЯ
21.00 НОВОСТИ
21.05 ВСЕ НА МАТЧ!
21.45 Х/Ф «АЛИ» 16+
01.00 ВСЕ НА МАТЧ!
01.55 НОВОСТИ
02.00 ФУТБОЛ. КУБОК ПАРИМАТЧ ПРЕМЬЕР. «РУБИН» (КАЗАНЬ) - «СОЧИ»
МИР
5.00 Х/Ф «САДКО»
5.10, 6.15 МУЛЬТФИЛЬМЫ
6.00 «ВСЁ, КАК У ЛЮДЕЙ» 6+
7.05 Х/Ф «СТАРИКИ-РАЗБОЙНИКИ» 12+
9.00 «СЛАБОЕ ЗВЕНО» 12+
10.00, 16.00, 19.00 НОВОСТИ
10.10 Х/Ф «ЗНАХАРЬ» 16+
13.00, 16.15, 19.15 Т/С «АННА ГЕРМАН» 16+
00.50 «СЛАВЯНСКИЙ БАЗАР В ВИТЕБСКЕ» 12+
02.20 Х/Ф «КУРБАН-РОМАН» 16+
ОТВ
4.40 «СОБЫТИЯ» 16+
4.40 ПАТРУЛЬНЫЙ УЧАСТОК 16+
5.00 «СОБЫТИЯ» 16+
5.40 ПАТРУЛЬНЫЙ УЧАСТОК 16+
6.00 НОВОСТИ ТАУ 16+
7.05 «СОБЫТИЯ» 16+
7.30 «НЕДЕЛЯ УГМК» 16+
7.40 «НАЦИОНАЛЬНОЕ ИЗМЕРЕНИЕ» 16+
8.00 НОВОСТИ ТАУ 16+
9.00 Х/Ф «ЕСЛИ МОЖЕШЬ, ПРОСТИ...» 12+
10.20 Х/Ф «БЛЮЗ ОПАДАЮЩИХ ЛИСТЬЕВ» 16+
12.00 «НЕДЕЛЯ УГМК» 16+
12.30 «РЕЦЕПТ» 16+
13.00 НОВОСТИ ТАУ 16+
14.00 «ПАТРУЛЬНЫЙ УЧАСТОК. НА ДОРОГАХ» 16+
14.20 Х/Ф «ДАР» 16+
15.50 «НАЦИОНАЛЬНОЕ ИЗМЕРЕНИЕ» 16+
16.15 «ПРОКУРАТУРА. НА СТРАЖЕ ЗАКОНА» 16+
16.30 ПАТРУЛЬНЫЙ УЧАСТОК. ИТОГИ 16+
17.00 Т/С «РОЖДЕННАЯ ЗВЕЗДОЙ» 12+
18.40 Х/Ф «ЛАБИРИНТЫ ПРОШЛОГО» 16+
21.00 НОВОСТИ ТАУ 16+
22.00 Х/Ф «ДВА МИРА» 16+
23.45 Х/Ф «КОЛЯ — ПЕРЕКАТИ ПОЛЕ» 16+
01.25 Х/Ф «ИНОПЛАНЕТНЫЙ КОД» 16+
03.00 «МУЗ. ЕВРОПА» 12+
03.40 НОВОСТИ ТАУ 16+
5
5.00 Т/С «ПРОКУРОРСКАЯ ПРОВЕРКА» 16+
6.25 Х/Ф «ШИРЛИ-МЫРЛИ» 16+
9.00 Т/С «СВОИ» 16+
12.20 Т/С «КРЕПКИЕ ОРЕШКИ» 16+
16.50 Т/С «СЛЕД» 16+
23.15 Т/С «ВЕЛИКОЛЕПНАЯ ПЯТЕРКА» 16+
02.25 Т/С «ПРЯТКИ» 16+
